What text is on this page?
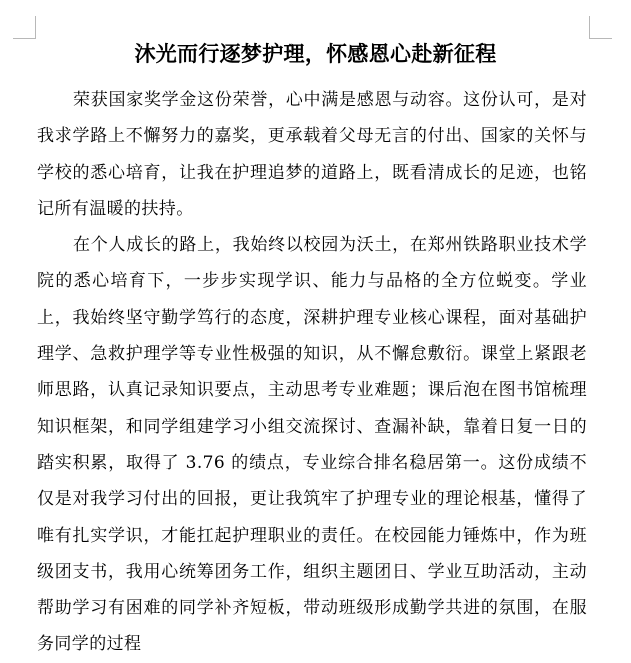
沐光而行逐梦护理，怀感恩心赴新征程

荣获国家奖学金这份荣誉，心中满是感恩与动容。这份认可，是对我求学路上不懈努力的嘉奖，更承载着父母无言的付出、国家的关怀与学校的悉心培育，让我在护理追梦的道路上，既看清成长的足迹，也铭记所有温暖的扶持。

在个人成长的路上，我始终以校园为沃土，在郑州铁路职业技术学院的悉心培育下，一步步实现学识、能力与品格的全方位蜕变。学业上，我始终坚守勤学笃行的态度，深耕护理专业核心课程，面对基础护理学、急救护理学等专业性极强的知识，从不懈怠敷衍。课堂上紧跟老师思路，认真记录知识要点，主动思考专业难题；课后泡在图书馆梳理知识框架，和同学组建学习小组交流探讨、查漏补缺，靠着日复一日的踏实积累，取得了 3.76 的绩点，专业综合排名稳居第一。这份成绩不仅是对我学习付出的回报，更让我筑牢了护理专业的理论根基，懂得了唯有扎实学识，才能扛起护理职业的责任。在校园能力锤炼中，作为班级团支书，我用心统筹团务工作，组织主题团日、学业互助活动，主动帮助学习有困难的同学补齐短板，带动班级形成勤学共进的氛围，在服务同学的过程
